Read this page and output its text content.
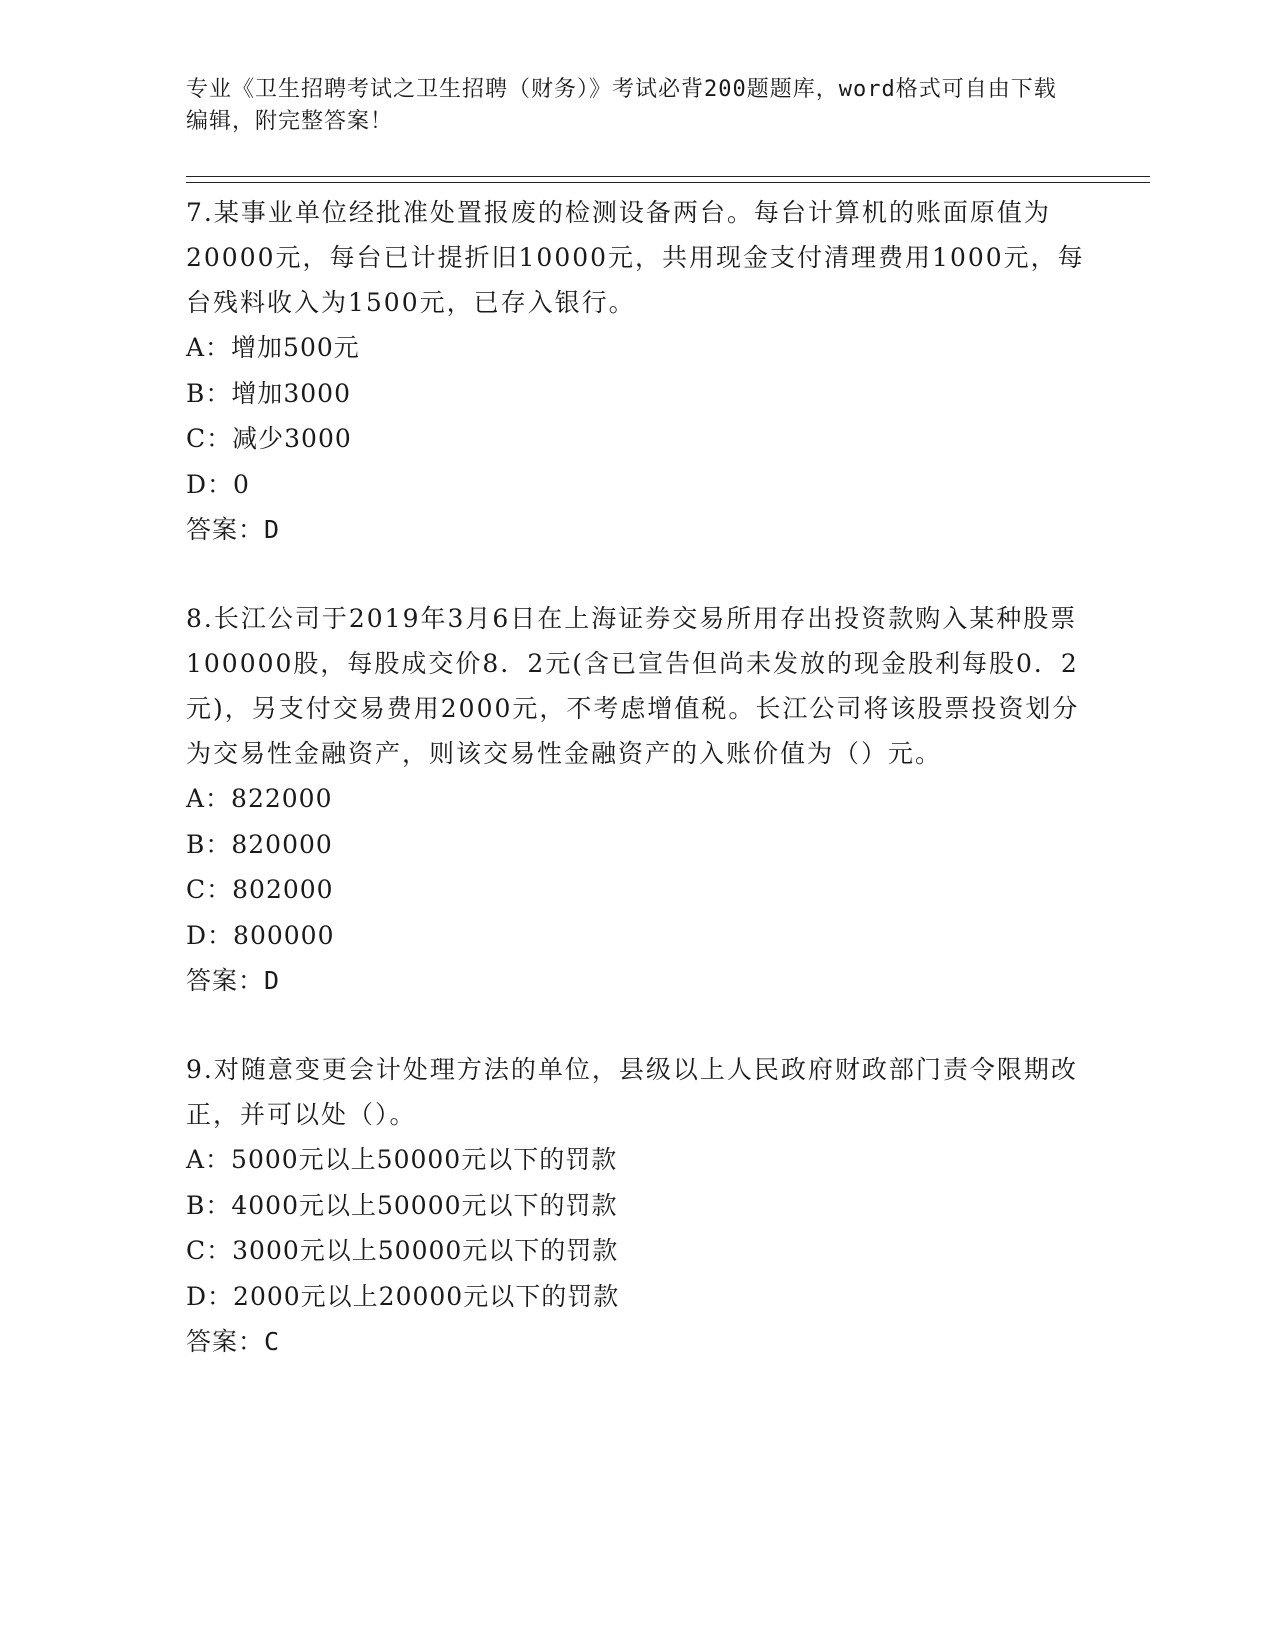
专业《卫生招聘考试之卫生招聘（财务）》考试必背200题题库，word格式可自由下载编辑，附完整答案！

7.某事业单位经批准处置报废的检测设备两台。每台计算机的账面原值为20000元，每台已计提折旧10000元，共用现金支付清理费用1000元，每台残料收入为1500元，已存入银行。

A：增加500元

B：增加3000

C：减少3000

D：0

答案：D

8.长江公司于2019年3月6日在上海证券交易所用存出投资款购入某种股票100000股，每股成交价8．2元(含已宣告但尚未发放的现金股利每股0．2元)，另支付交易费用2000元，不考虑增值税。长江公司将该股票投资划分为交易性金融资产，则该交易性金融资产的入账价值为（）元。

A：822000

B：820000

C：802000

D：800000

答案：D

9.对随意变更会计处理方法的单位，县级以上人民政府财政部门责令限期改正，并可以处（）。

A：5000元以上50000元以下的罚款

B：4000元以上50000元以下的罚款

C：3000元以上50000元以下的罚款

D：2000元以上20000元以下的罚款

答案：C
